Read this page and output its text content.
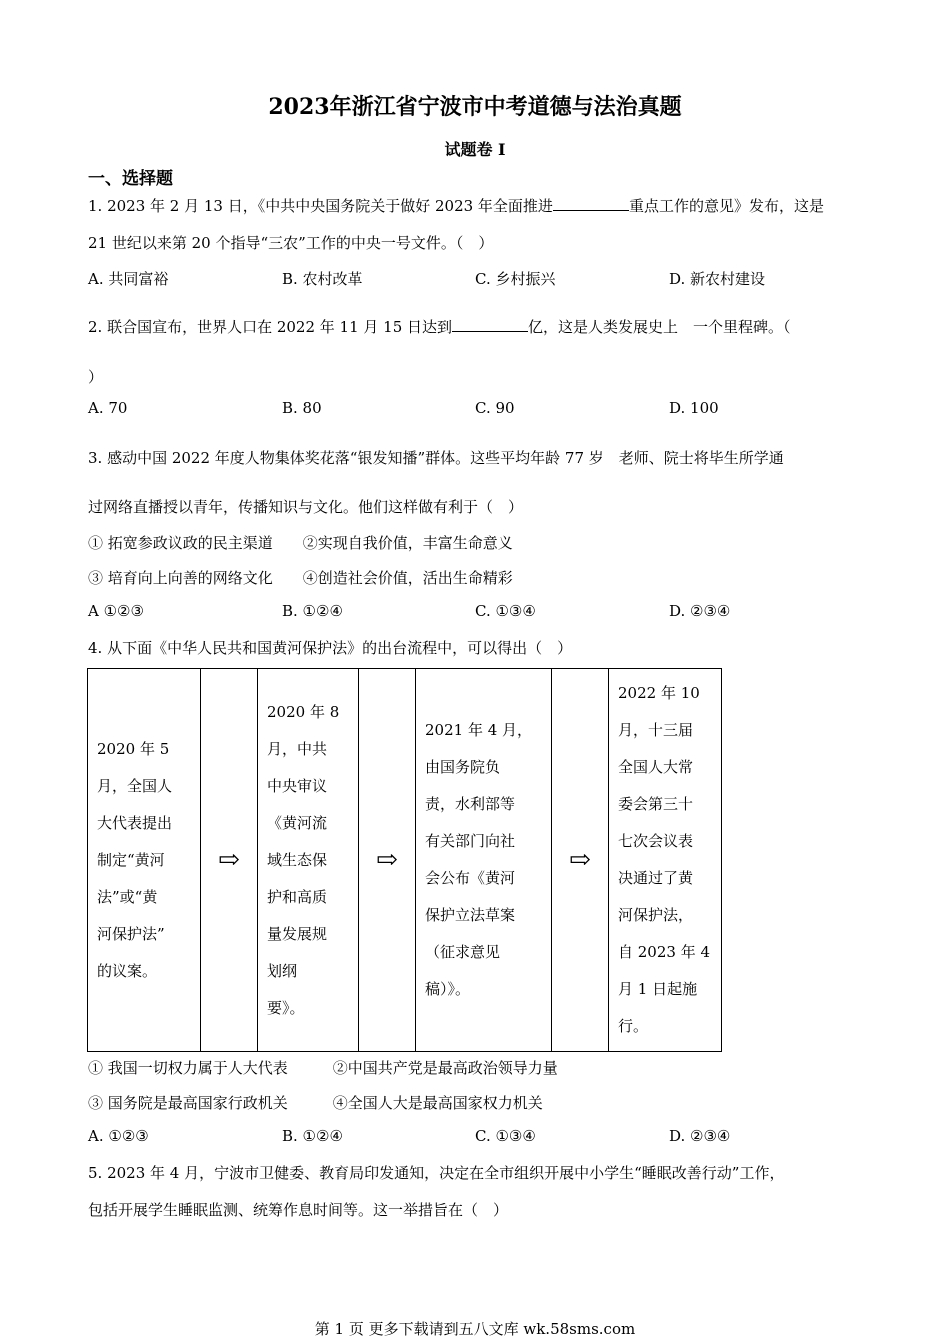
2023年浙江省宁波市中考道德与法治真题
试题卷 I
一、选择题
1. 2023 年 2 月 13 日，《中共中央国务院关于做好 2023 年全面推进	重点工作的意见》发布，这是
21 世纪以来第 20 个指导“三农”工作的中央一号文件。（　）
A. 共同富裕	B. 农村改革	C. 乡村振兴	D. 新农村建设
2. 联合国宣布，世界人口在 2022 年 11 月 15 日达到	亿，这是人类发展史上　一个里程碑。（
）
A. 70	B. 80	C. 90	D. 100
3. 感动中国 2022 年度人物集体奖花落“银发知播”群体。这些平均年龄 77 岁　老师、院士将毕生所学通
过网络直播授以青年，传播知识与文化。他们这样做有利于（　）
① 拓宽参政议政的民主渠道　　②实现自我价值，丰富生命意义
③ 培育向上向善的网络文化　　④创造社会价值，活出生命精彩
A ①②③	B. ①②④	C. ①③④	D. ②③④
4. 从下面《中华人民共和国黄河保护法》的出台流程中，可以得出（　）
2020 年 5
月，全国人
大代表提出
制定“黄河
法”或“黄
河保护法”
的议案。
	⇨	
2020 年 8
月，中共
中央审议
《黄河流
域生态保
护和高质
量发展规
划纲
要》。
	⇨	
2021 年 4 月，
由国务院负
责，水利部等
有关部门向社
会公布《黄河
保护立法草案
（征求意见
稿）》。
	⇨	
2022 年 10
月，十三届
全国人大常
委会第三十
七次会议表
决通过了黄
河保护法，
自 2023 年 4
月 1 日起施
行。
① 我国一切权力属于人大代表　　　②中国共产党是最高政治领导力量
③ 国务院是最高国家行政机关　　　④全国人大是最高国家权力机关
A. ①②③	B. ①②④	C. ①③④	D. ②③④
5. 2023 年 4 月，宁波市卫健委、教育局印发通知，决定在全市组织开展中小学生“睡眠改善行动”工作，
包括开展学生睡眠监测、统筹作息时间等。这一举措旨在（　）
第 1 页 更多下载请到五八文库 wk.58sms.com
